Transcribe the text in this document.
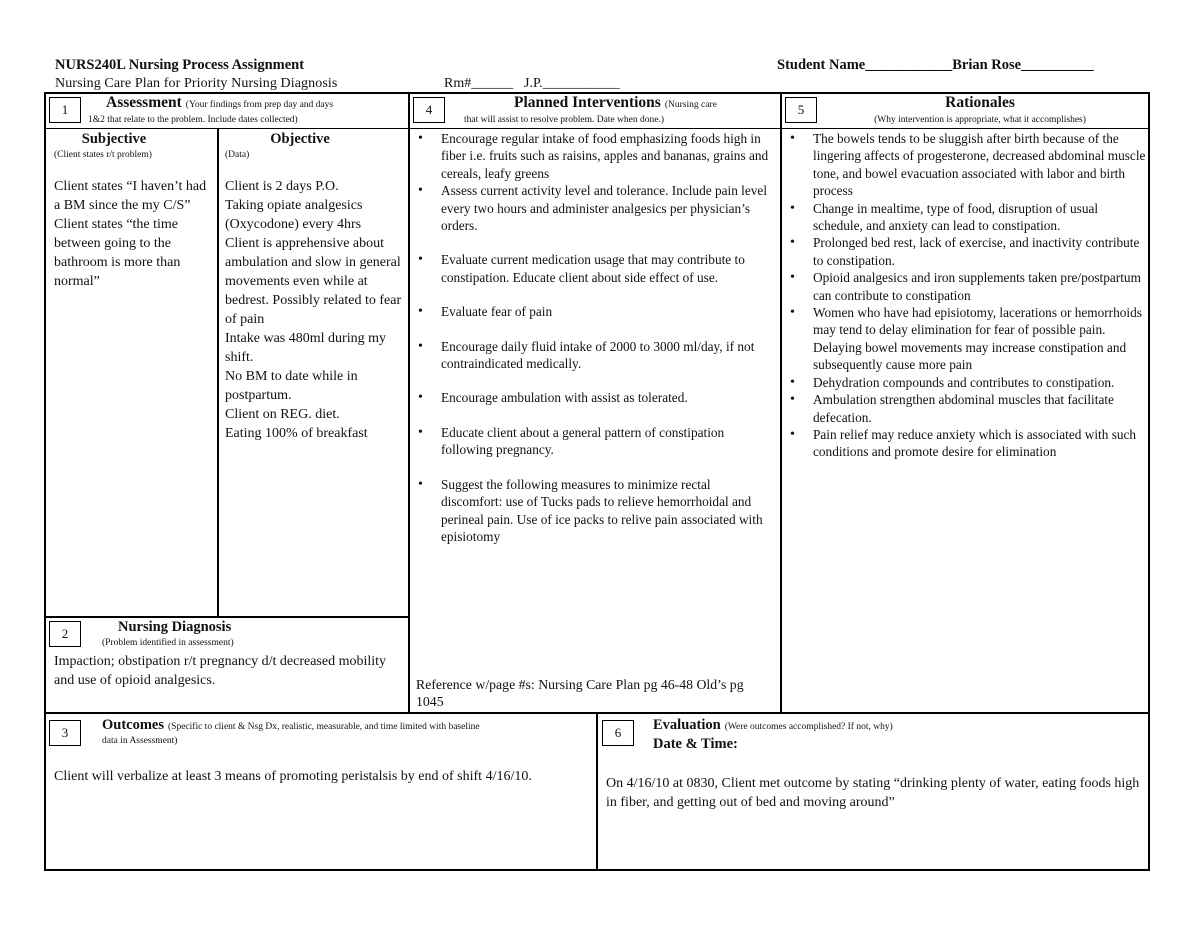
NURS240L Nursing Process Assignment
Nursing Care Plan for Priority Nursing Diagnosis	Rm#______ J.P.___________
Student Name____________Brian Rose__________
1	Assessment (Your findings from prep day and days
1&2 that relate to the problem. Include dates collected)
Subjective
(Client states r/t problem)
Client states “I haven’t had a BM since the my C/S”
Client states “the time between going to the bathroom is more than normal”
Objective
(Data)
Client is 2 days P.O.
Taking opiate analgesics (Oxycodone) every 4hrs
Client is apprehensive about ambulation and slow in general movements even while at bedrest. Possibly related to fear of pain
Intake was 480ml during my shift.
No BM to date while in postpartum.
Client on REG. diet.
Eating 100% of breakfast
2	Nursing Diagnosis
(Problem identified in assessment)
Impaction; obstipation r/t pregnancy d/t decreased mobility and use of opioid analgesics.
4	Planned Interventions (Nursing care
that will assist to resolve problem. Date when done.)
• Encourage regular intake of food emphasizing foods high in fiber i.e. fruits such as raisins, apples and bananas, grains and cereals, leafy greens
• Assess current activity level and tolerance. Include pain level every two hours and administer analgesics per physician’s orders.
• Evaluate current medication usage that may contribute to constipation. Educate client about side effect of use.
• Evaluate fear of pain
• Encourage daily fluid intake of 2000 to 3000 ml/day, if not contraindicated medically.
• Encourage ambulation with assist as tolerated.
• Educate client about a general pattern of constipation following pregnancy.
• Suggest the following measures to minimize rectal discomfort: use of Tucks pads to relieve hemorrhoidal and perineal pain. Use of ice packs to relive pain associated with episiotomy
Reference w/page #s: Nursing Care Plan pg 46-48 Old’s pg 1045
5	Rationales
(Why intervention is appropriate, what it accomplishes)
• The bowels tends to be sluggish after birth because of the lingering affects of progesterone, decreased abdominal muscle tone, and bowel evacuation associated with labor and birth process
• Change in mealtime, type of food, disruption of usual schedule, and anxiety can lead to constipation.
• Prolonged bed rest, lack of exercise, and inactivity contribute to constipation.
• Opioid analgesics and iron supplements taken pre/postpartum can contribute to constipation
• Women who have had episiotomy, lacerations or hemorrhoids may tend to delay elimination for fear of possible pain. Delaying bowel movements may increase constipation and subsequently cause more pain
• Dehydration compounds and contributes to constipation.
• Ambulation strengthen abdominal muscles that facilitate defecation.
• Pain relief may reduce anxiety which is associated with such conditions and promote desire for elimination
3	Outcomes (Specific to client & Nsg Dx, realistic, measurable, and time limited with baseline
data in Assessment)
Client will verbalize at least 3 means of promoting peristalsis by end of shift 4/16/10.
6	Evaluation (Were outcomes accomplished? If not, why)
Date & Time:
On 4/16/10 at 0830, Client met outcome by stating “drinking plenty of water, eating foods high in fiber, and getting out of bed and moving around”
